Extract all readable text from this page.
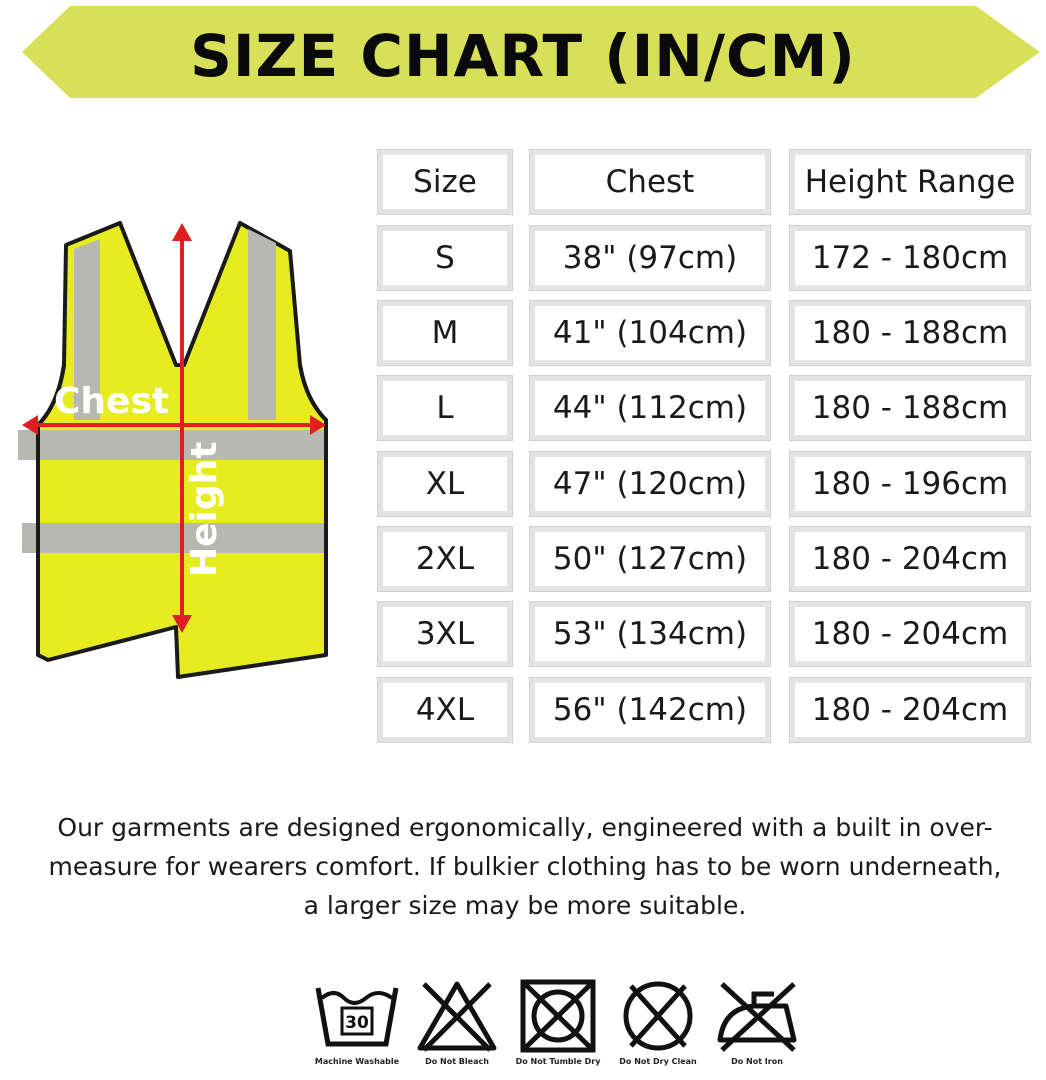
SIZE CHART (IN/CM)
Chest
Height
Size	Chest	Height Range
S	38" (97cm)	172 - 180cm
M	41" (104cm)	180 - 188cm
L	44" (112cm)	180 - 188cm
XL	47" (120cm)	180 - 196cm
2XL	50" (127cm)	180 - 204cm
3XL	53" (134cm)	180 - 204cm
4XL	56" (142cm)	180 - 204cm
Our garments are designed ergonomically, engineered with a built in over-
measure for wearers comfort. If bulkier clothing has to be worn underneath,
a larger size may be more suitable.
30
Machine Washable	Do Not Bleach	Do Not Tumble Dry	Do Not Dry Clean	Do Not Iron
